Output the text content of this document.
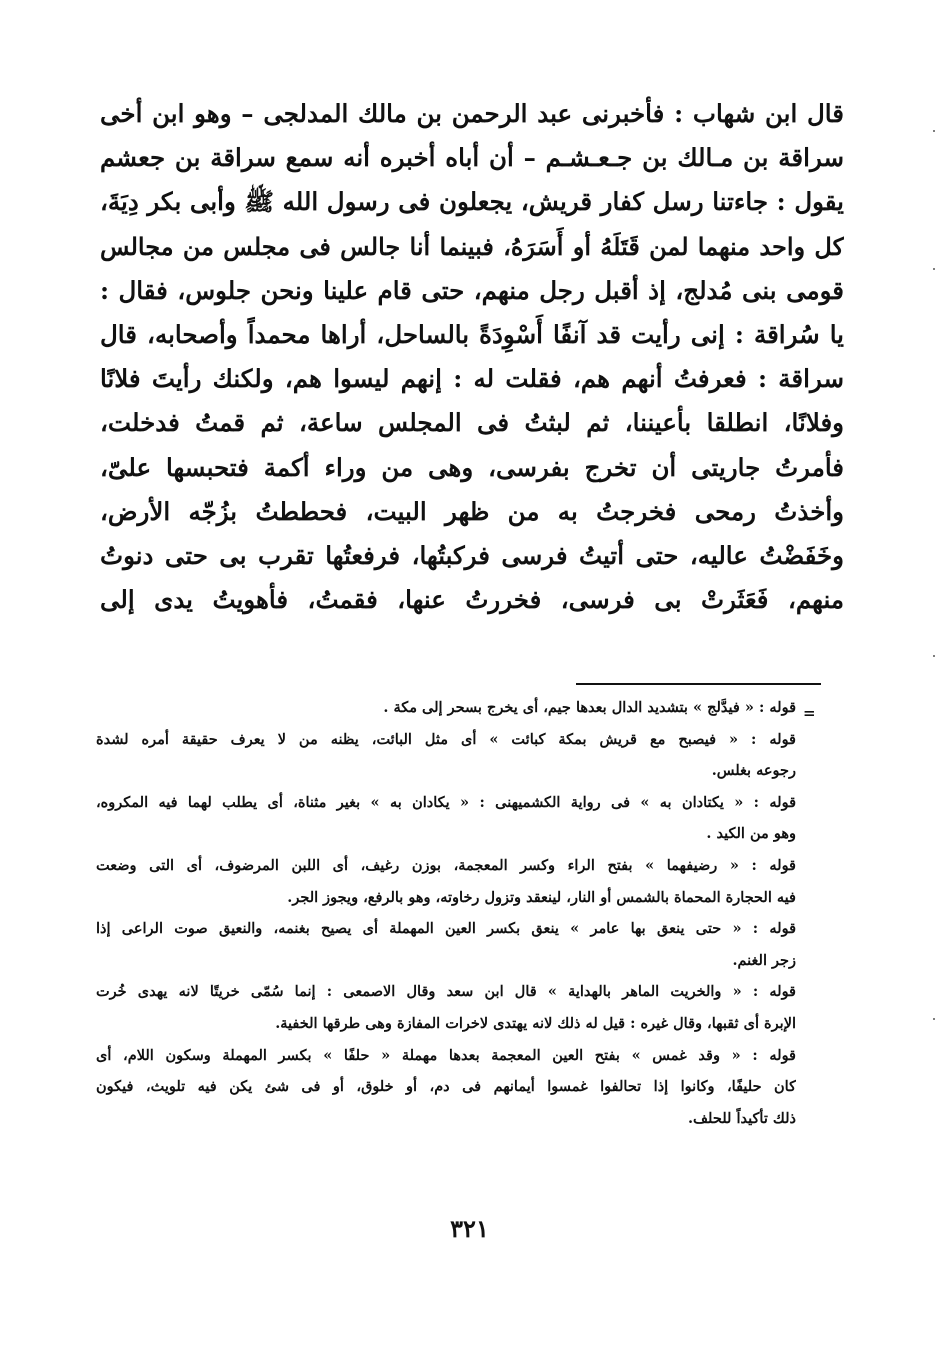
قال ابن شهاب : فأخبرنى عبد الرحمن بن مالك المدلجى – وهو ابن أخى
سراقة بن مـالك بن جـعـشـم – أن أباه أخبره أنه سمع سراقة بن جعشم
يقول : جاءتنا رسل كفار قريش، يجعلون فى رسول الله ﷺ وأبى بكر دِيَةَ،
كل واحد منهما لمن قَتَلَهُ أو أَسَرَهُ، فبينما أنا جالس فى مجلس من مجالس
قومى بنى مُدلج، إذ أقبل رجل منهم، حتى قام علينا ونحن جلوس، فقال :
يا سُراقة : إنى رأيت قد آنفًا أَسْوِدَةً بالساحل، أراها محمداً وأصحابه، قال
سراقة : فعرفتُ أنهم هم، فقلت له : إنهم ليسوا هم، ولكنك رأيتَ فلانًا
وفلانًا، انطلقا بأعيننا، ثم لبثتُ فى المجلس ساعة، ثم قمتُ فدخلت،
فأمرتُ جاريتى أن تخرج بفرسى، وهى من وراء أكمة فتحبسها علىّ،
وأخذتُ رمحى فخرجتُ به من ظهر البيت، فحططتُ بزُجّه الأرض،
وخَفَضْتُ عاليه، حتى أتيتُ فرسى فركبتُها، فرفعتُها تقرب بى حتى دنوتُ
منهم، فَعَثَرتْ بى فرسى، فخررتُ عنها، فقمتُ، فأهويتُ يدى إلى
=
قوله : « فيدَّلج » بتشديد الدال بعدها جيم، أى يخرج بسحر إلى مكة .
قوله : « فيصبح مع قريش بمكة كبائت » أى مثل البائت، يظنه من لا يعرف حقيقة أمره لشدة
رجوعه بغلس.
قوله : « يكتادان به » فى رواية الكشميهنى : « يكادان به » بغير مثناة، أى يطلب لهما فيه المكروه،
وهو من الكيد .
قوله : « رضيفهما » بفتح الراء وكسر المعجمة، بوزن رغيف، أى اللبن المرضوف، أى التى وضعت
فيه الحجارة المحماة بالشمس أو النار، لينعقد وتزول رخاوته، وهو بالرفع، ويجوز الجر.
قوله : « حتى ينعق بها عامر » ينعق بكسر العين المهملة أى يصيح بغنمه، والنعيق صوت الراعى إذا
زجر الغنم.
قوله : « والخريت الماهر بالهداية » قال ابن سعد وقال الاصمعى : إنما سُمّى خريتًا لانه يهدى خُرت
الإبرة أى ثقبها، وقال غيره : قيل له ذلك لانه يهتدى لاخرات المفازة وهى طرقها الخفية.
قوله : « وقد غمس » بفتح العين المعجمة بعدها مهملة « حلفًا » بكسر المهملة وسكون اللام، أى
كان حليفًا، وكانوا إذا تحالفوا غمسوا أيمانهم فى دم، أو خلوق، أو فى شئ يكن فيه تلويث، فيكون
ذلك تأكيداً للحلف.
٣٢١
